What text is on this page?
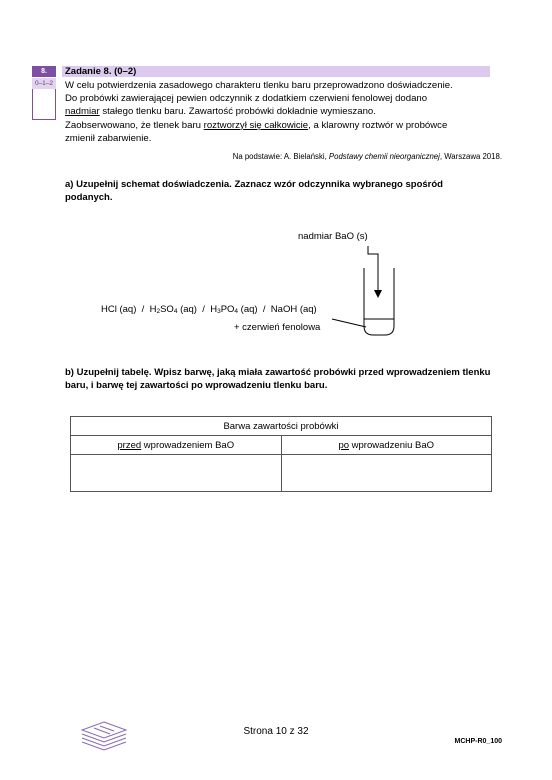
8.
0–1–2
Zadanie 8. (0–2)
W celu potwierdzenia zasadowego charakteru tlenku baru przeprowadzono doświadczenie.
Do probówki zawierającej pewien odczynnik z dodatkiem czerwieni fenolowej dodano
nadmiar stałego tlenku baru. Zawartość probówki dokładnie wymieszano.
Zaobserwowano, że tlenek baru roztworzył się całkowicie, a klarowny roztwór w probówce
zmienił zabarwienie.
Na podstawie: A. Bielański, Podstawy chemii nieorganicznej, Warszawa 2018.
a) Uzupełnij schemat doświadczenia. Zaznacz wzór odczynnika wybranego spośród podanych.
nadmiar BaO (s)
HCl $(aq) / H_2SO_4$ $(aq) / H_3PO_4$ (aq)  /  NaOH (aq)
+ czerwień fenolowa
b) Uzupełnij tabelę. Wpisz barwę, jaką miała zawartość probówki przed wprowadzeniem tlenku baru, i barwę tej zawartości po wprowadzeniu tlenku baru.
Barwa zawartości probówki	
przed wprowadzeniem BaO	po wprowadzeniu BaO

Strona 10 z 32
MCHP-R0_100
